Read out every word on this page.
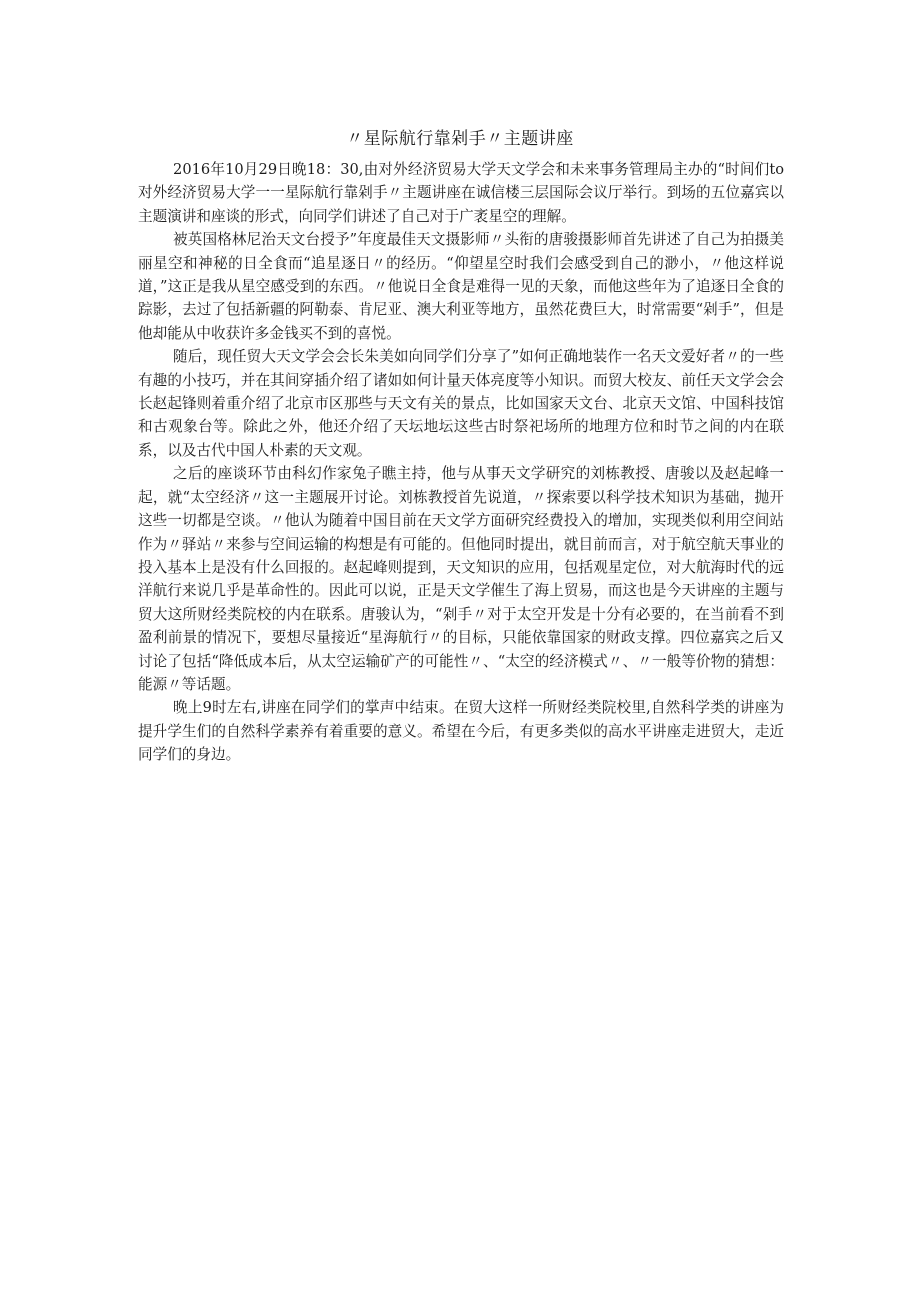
〃星际航行靠剁手〃主题讲座

2016年10月29日晚18：30,由对外经济贸易大学天文学会和未来事务管理局主办的“时间们to对外经济贸易大学一一星际航行靠剁手〃主题讲座在诚信楼三层国际会议厅举行。到场的五位嘉宾以主题演讲和座谈的形式，向同学们讲述了自己对于广袤星空的理解。

被英国格林尼治天文台授予”年度最佳天文摄影师〃头衔的唐骏摄影师首先讲述了自己为拍摄美丽星空和神秘的日全食而“追星逐日〃的经历。“仰望星空时我们会感受到自己的渺小，〃他这样说道，”这正是我从星空感受到的东西。〃他说日全食是难得一见的天象，而他这些年为了追逐日全食的踪影，去过了包括新疆的阿勒泰、肯尼亚、澳大利亚等地方，虽然花费巨大，时常需要“剁手”，但是他却能从中收获许多金钱买不到的喜悦。

随后，现任贸大天文学会会长朱美如向同学们分享了”如何正确地装作一名天文爱好者〃的一些有趣的小技巧，并在其间穿插介绍了诸如如何计量天体亮度等小知识。而贸大校友、前任天文学会会长赵起锋则着重介绍了北京市区那些与天文有关的景点，比如国家天文台、北京天文馆、中国科技馆和古观象台等。除此之外，他还介绍了天坛地坛这些古时祭祀场所的地理方位和时节之间的内在联系，以及古代中国人朴素的天文观。

之后的座谈环节由科幻作家兔子瞧主持，他与从事天文学研究的刘栋教授、唐骏以及赵起峰一起，就“太空经济〃这一主题展开讨论。刘栋教授首先说道，〃探索要以科学技术知识为基础，抛开这些一切都是空谈。〃他认为随着中国目前在天文学方面研究经费投入的增加，实现类似利用空间站作为〃驿站〃来参与空间运输的构想是有可能的。但他同时提出，就目前而言，对于航空航天事业的投入基本上是没有什么回报的。赵起峰则提到，天文知识的应用，包括观星定位，对大航海时代的远洋航行来说几乎是革命性的。因此可以说，正是天文学催生了海上贸易，而这也是今天讲座的主题与贸大这所财经类院校的内在联系。唐骏认为，“剁手〃对于太空开发是十分有必要的，在当前看不到盈利前景的情况下，要想尽量接近“星海航行〃的目标，只能依靠国家的财政支撑。四位嘉宾之后又讨论了包括“降低成本后，从太空运输矿产的可能性〃、“太空的经济模式〃、〃一般等价物的猜想：能源〃等话题。

晚上9时左右,讲座在同学们的掌声中结束。在贸大这样一所财经类院校里,自然科学类的讲座为提升学生们的自然科学素养有着重要的意义。希望在今后，有更多类似的高水平讲座走进贸大，走近同学们的身边。
